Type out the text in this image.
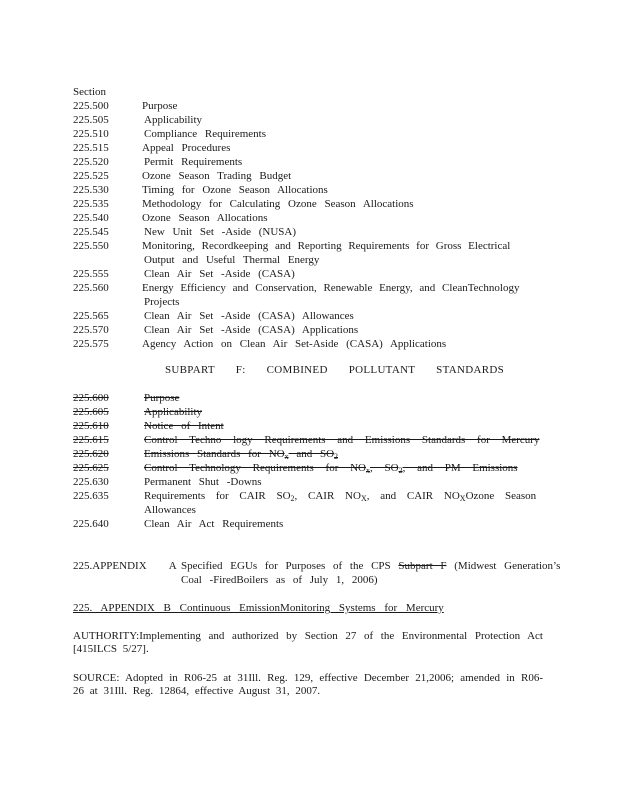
Section
225.500	Purpose
225.505	Applicability
225.510	Compliance Requirements
225.515	Appeal Procedures
225.520	Permit Requirements
225.525	Ozone Season Trading Budget
225.530	Timing for Ozone Season Allocations
225.535	Methodology for Calculating Ozone Season Allocations
225.540	Ozone Season Allocations
225.545	New Unit Set -Aside (NUSA)
225.550	Monitoring, Recordkeeping and Reporting Requirements for Gross Electrical
Output and Useful Thermal Energy
225.555	Clean Air Set -Aside (CASA)
225.560	Energy Efficiency and Conservation, Renewable Energy, and CleanTechnology
Projects
225.565	Clean Air Set -Aside (CASA) Allowances
225.570	Clean Air Set -Aside (CASA) Applications
225.575	Agency Action on Clean Air Set-Aside (CASA) Applications
SUBPART F: COMBINED POLLUTANT STANDARDS
225.600	Purpose
225.605	Applicability
225.610	Notice of Intent
225.615	Control Techno logy Requirements and Emissions Standards for Mercury
225.620	Emissions Standards for $NO_x$ and $SO_2$
225.625	Control Technology Requirements for $NO_x$, $SO_2$, and PM Emissions
225.630	Permanent Shut -Downs
225.635	Requirements for CAIR $SO_2$, CAIR $NO_X$, and CAIR $NO_XOzone$ Season
Allowances
225.640	Clean Air Act Requirements
225.APPENDIX A Specified EGUs for Purposes of the CPS Subpart F (Midwest Generation’s
Coal -FiredBoilers as of July 1, 2006)
225. APPENDIX B Continuous EmissionMonitoring Systems for Mercury
AUTHORITY:Implementing and authorized by Section 27 of the Environmental Protection Act [415ILCS 5/27].
SOURCE: Adopted in R06-25 at 31Ill. Reg. 129, effective December 21,2006; amended in R06-26 at 31Ill. Reg. 12864, effective August 31, 2007.
